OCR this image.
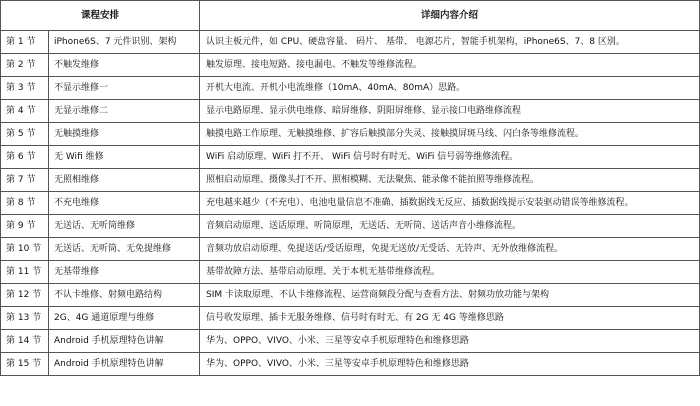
课程安排		详细内容介绍
第 1 节	iPhone6S、7 元件识别、架构	认识主板元件，如 CPU、硬盘容量、 码片、 基带、 电源芯片，智能手机架构，iPhone6S、7、8 区别。
第 2 节	不触发维修	触发原理、接电短路、接电漏电、不触发等维修流程。
第 3 节	不显示维修一	开机大电流、开机小电流维修（10mA、40mA、80mA）思路。
第 4 节	无显示维修二	显示电路原理、显示供电维修、暗屏维修、阴阳屏维修、显示接口电路维修流程
第 5 节	无触摸维修	触摸电路工作原理、无触摸维修、扩容后触摸部分失灵、接触摸屏斑马线、闪白条等维修流程。
第 6 节	无 Wifi 维修	WiFi 启动原理、WiFi 打不开、 WiFi 信号时有时无、WiFi 信号弱等维修流程。
第 7 节	无照相维修	照相启动原理、摄像头打不开、照相模糊、无法聚焦、能录像不能拍照等维修流程。
第 8 节	不充电维修	充电越来越少（不充电）、电池电量信息不准确、插数据线无反应、插数据线提示安装驱动错误等维修流程。
第 9 节	无送话、无听筒维修	音频启动原理、送话原理、听筒原理，无送话、无听筒、送话声音小维修流程。
第 10 节	无送话、无听筒、无免提维修	音频功放启动原理、免提送话/受话原理，免提无送放/无受话、无铃声、无外放维修流程。
第 11 节	无基带维修	基带故障方法、基带启动原理、关于本机无基带维修流程。
第 12 节	不认卡维修、射频电路结构	SIM 卡读取原理、不认卡维修流程、运营商频段分配与查看方法、射频功放功能与架构
第 13 节	2G、4G 通道原理与维修	信号收发原理、插卡无服务维修、信号时有时无、有 2G 无 4G 等维修思路
第 14 节	Android 手机原理特色讲解	华为、OPPO、VIVO、小米、三星等安卓手机原理特色和维修思路
第 15 节	Android 手机原理特色讲解	华为、OPPO、VIVO、小米、三星等安卓手机原理特色和维修思路
